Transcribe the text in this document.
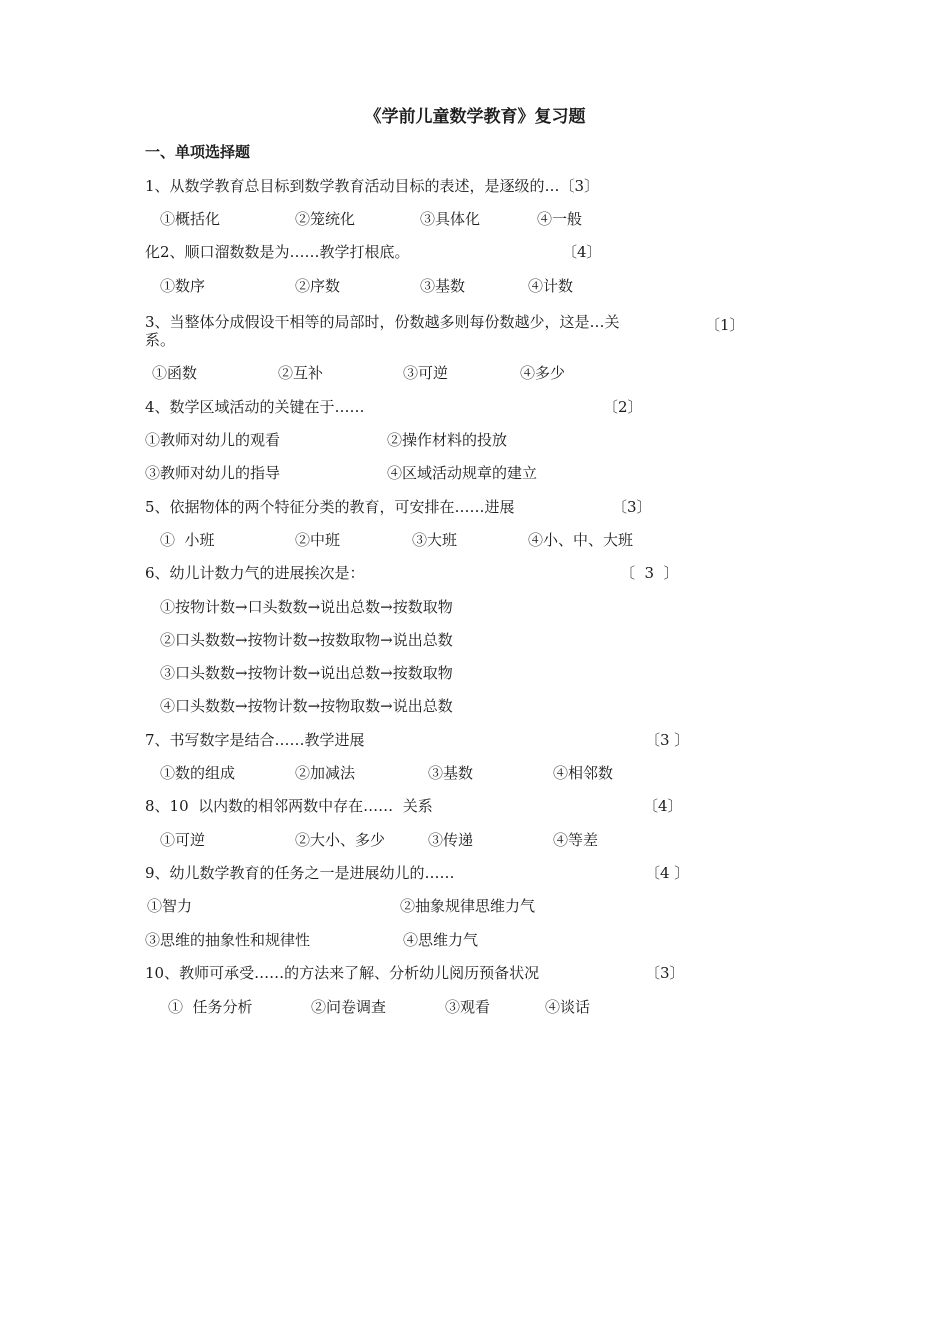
《学前儿童数学教育》复习题
一、单项选择题
1、从数学教育总目标到数学教育活动目标的表述，是逐级的…〔3〕
①概括化	②笼统化	③具体化	④一般
化2、顺口溜数数是为……教学打根底。	〔4〕
①数序	②序数	③基数	④计数
3、当整体分成假设干相等的局部时，份数越多则每份数越少，这是…关	〔1〕
系。
①函数	②互补	③可逆	④多少
4、数学区域活动的关键在于……	〔2〕
①教师对幼儿的观看	②操作材料的投放
③教师对幼儿的指导	④区域活动规章的建立
5、依据物体的两个特征分类的教育，可安排在……进展	〔3〕
①  小班	②中班	③大班	④小、中、大班
6、幼儿计数力气的进展挨次是：	〔  3  〕
①按物计数→口头数数→说出总数→按数取物
②口头数数→按物计数→按数取物→说出总数
③口头数数→按物计数→说出总数→按数取物
④口头数数→按物计数→按物取数→说出总数
7、书写数字是结合……教学进展	〔3 〕
①数的组成	②加减法	③基数	④相邻数
8、10  以内数的相邻两数中存在……  关系	〔4〕
①可逆	②大小、多少	③传递	④等差
9、幼儿数学教育的任务之一是进展幼儿的……	〔4 〕
①智力	②抽象规律思维力气
③思维的抽象性和规律性	④思维力气
10、教师可承受……的方法来了解、分析幼儿阅历预备状况	〔3〕
①  任务分析	②问卷调查	③观看	④谈话
